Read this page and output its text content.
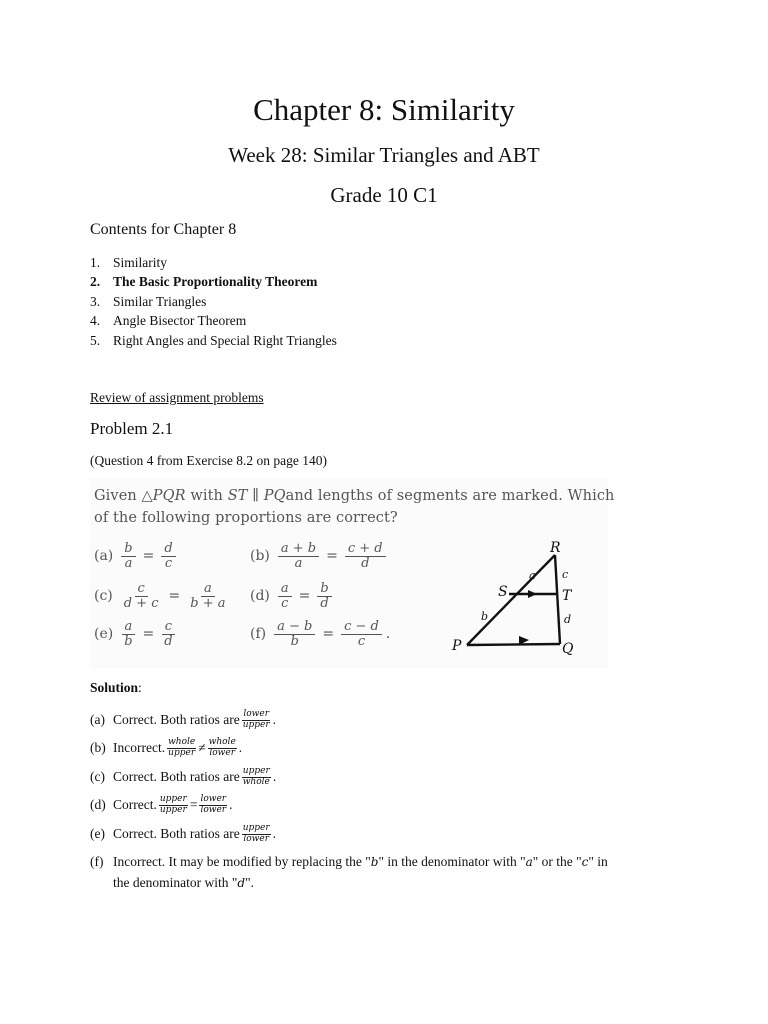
Chapter 8: Similarity
Week 28: Similar Triangles and ABT
Grade 10 C1
Contents for Chapter 8
1. Similarity
2. The Basic Proportionality Theorem
3. Similar Triangles
4. Angle Bisector Theorem
5. Right Angles and Special Right Triangles
Review of assignment problems
Problem 2.1
(Question 4 from Exercise 8.2 on page 140)
Given △PQR with ST ∥ PQand lengths of segments are marked. Which
of the following proportions are correct?
$(a) \frac{b}{a} = \frac{d}{c}$	$(b) \frac{a + b}{a} = \frac{c + d}{d}$
$(c) \frac{c}{d + c} = \frac{a}{b + a} (d) \frac{a}{c} = \frac{b}{d}$
$(e) \frac{a}{b} = \frac{c}{d}$	$(f) \frac{a - b}{b} = \frac{c - d}{c}$ .
R
S	T
P	Q
a c
b	d
Solution:
(a) Correct. Both ratios are lower
upper .
(b) Incorrect. whole
upper ≠ whole
lower .
(c) Correct. Both ratios are upper
whole .
(d) Correct. upper
upper = lower
lower .
(e) Correct. Both ratios are upper
lower .
(f) Incorrect. It may be modified by replacing the " b " in the denominator with " a " or the " c " in
the denominator with "d".
